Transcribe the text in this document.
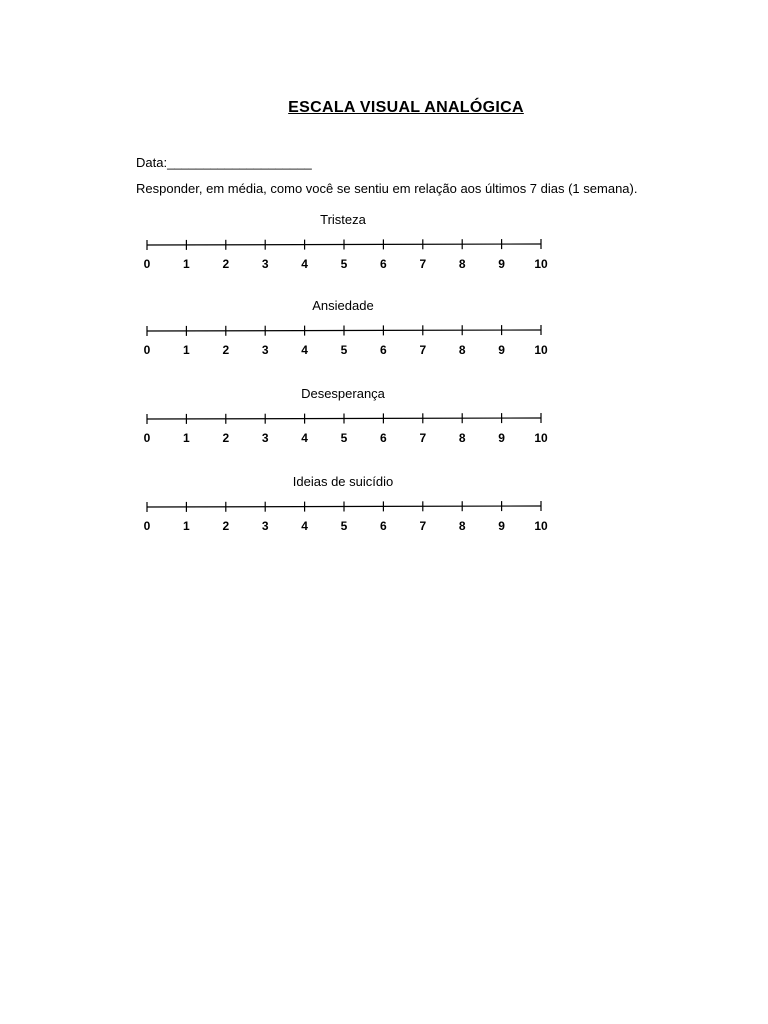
ESCALA VISUAL ANALÓGICA
Data:____________________
Responder, em média, como você se sentiu em relação aos últimos 7 dias (1 semana).
Tristeza
0	1	2	3	4	5	6	7	8	9 10
Ansiedade
0	1	2	3	4	5	6	7	8	9 10
Desesperança
0	1	2	3	4	5	6	7	8	9 10
Ideias de suicídio
0	1	2	3	4	5	6	7	8	9 10
